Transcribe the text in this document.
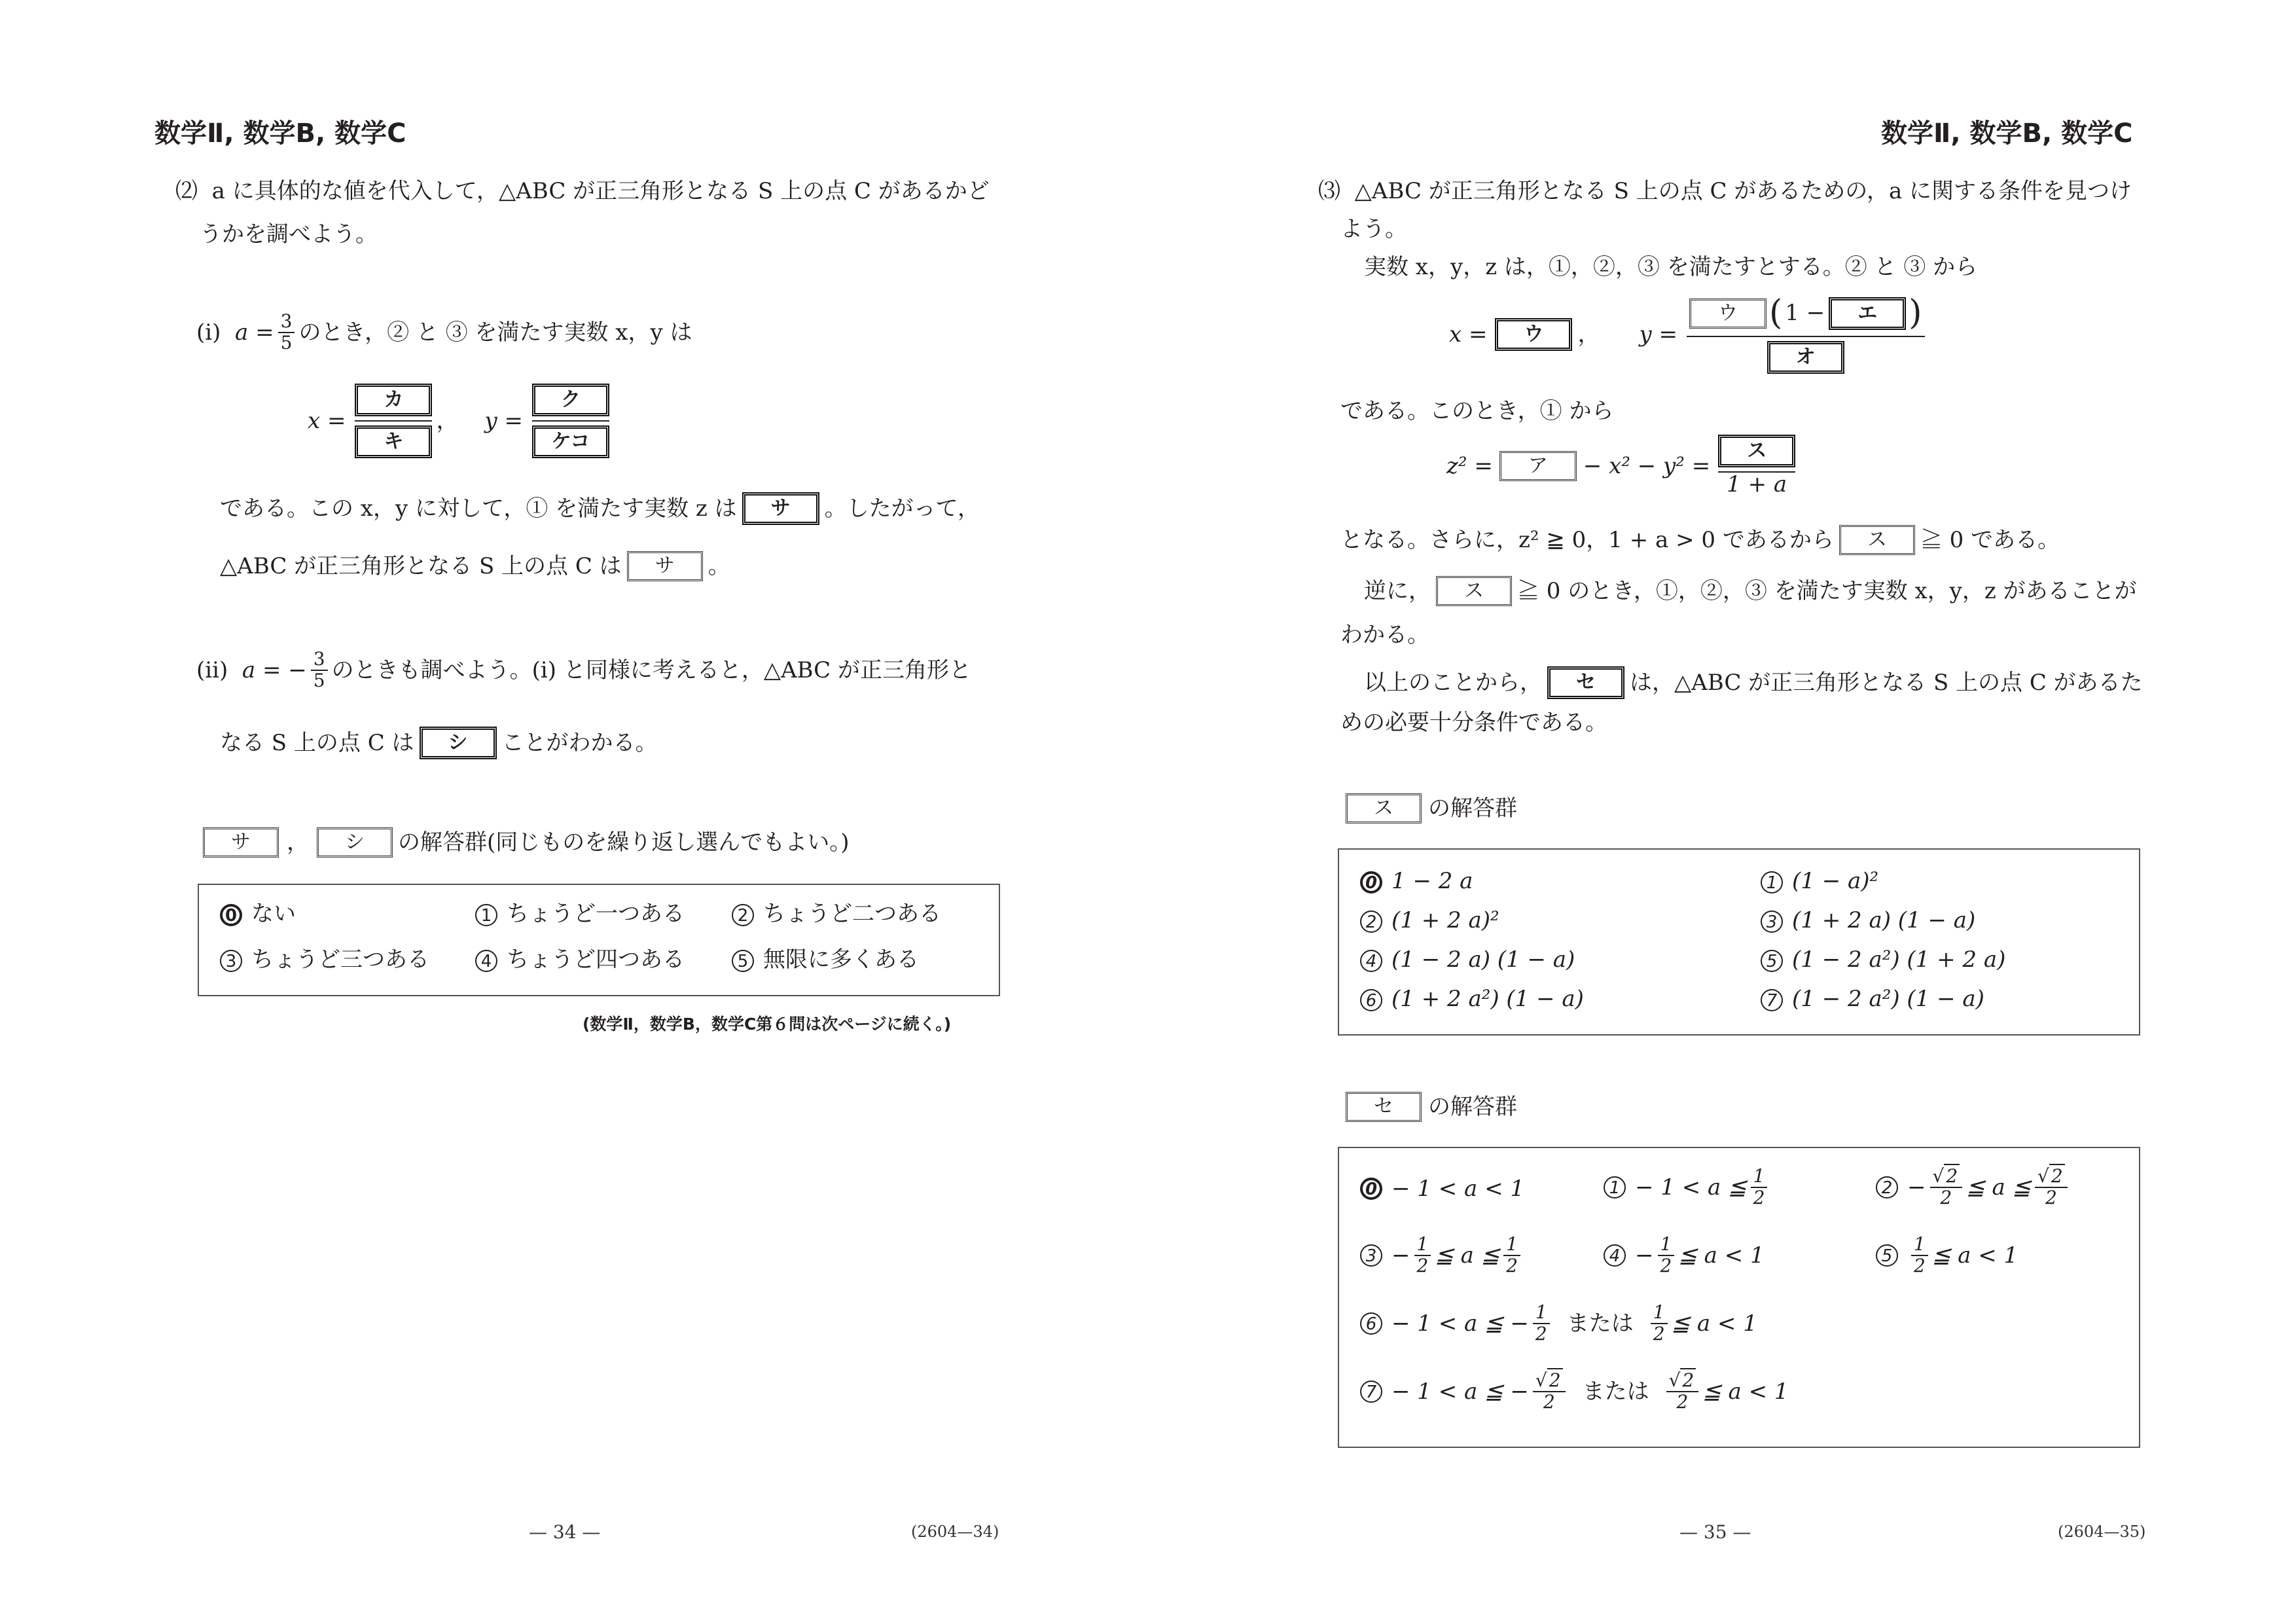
数学Ⅱ, 数学B, 数学C
⑵ a に具体的な値を代入して，△ABC が正三角形となる S 上の点 C があるかど
うかを調べよう。
(i)
$a = \frac{3}{5}$ のとき，② と ③ を満たす実数 x，y は
$x = \frac{\text{カ}}{\text{キ}}$ ， $y = \frac{\text{ク}}{\text{ケコ}}$
である。この x，y に対して，① を満たす実数 z は	サ	。したがって，
△ABC が正三角形となる S 上の点 C は	サ	。
(ii)
a = − $\frac{3}{5}$ のときも調べよう。(i) と同様に考えると，△ABC が正三角形と
なる S 上の点 C は	シ	ことがわかる。
サ	，	シ	の解答群(同じものを繰り返し選んでもよい。)
0 ない	1 ちょうど一つある	2 ちょうど二つある
3 ちょうど三つある	4 ちょうど四つある	5 無限に多くある
(数学Ⅱ，数学B，数学C第６問は次ページに続く。)
— 34 —	(2604—34)
数学Ⅱ, 数学B, 数学C
⑶ △ABC が正三角形となる S 上の点 C があるための，a に関する条件を見つけ
よう。
実数 x，y，z は，①，②，③ を満たすとする。② と ③ から
x =	ウ	， y = ウ ( 1 −	エ )
オ
である。このとき，① から
z² =	ア	− $x^2 - y^2 = \frac{\text{ス}}{1 + a}$
となる。さらに，z² ≧ 0，1 + a > 0 であるから	ス	≧ 0 である。
逆に，	ス	≧ 0 のとき，①，②，③ を満たす実数 x，y，z があることが
わかる。
以上のことから，	セ	は，△ABC が正三角形となる S 上の点 C があるた
めの必要十分条件である。
ス	の解答群
0 1 − 2 a	1 (1 − a)²
2 (1 + 2 a)²	3 (1 + 2 a) (1 − a)
4 (1 − 2 a) (1 − a)	5 (1 − 2 a²) (1 + 2 a)
6 (1 + 2 a²) (1 − a)	7 (1 − 2 a²) (1 − a)
セ	の解答群
0 − 1 < a < 1	1 − 1 < a ≦ $\frac{1}{2}$	$2 - \frac{√ 2}{2}$ ≦ a ≦ $\frac{√ 2}{2}$
$3 - \frac{1}{2}$ ≦ a ≦ $\frac{1}{2}$	$4 - \frac{1}{2}$ ≦ a < 1	5	$\frac{1}{2}$ ≦ a < 1
6 − 1 < a ≦ − $\frac{1}{2}$ または $\frac{1}{2}$ ≦ a < 1
7 − 1 < a ≦ − $\frac{√ 2}{2}$ または $\frac{√ 2}{2}$ ≦ a < 1
— 35 —	(2604—35)
